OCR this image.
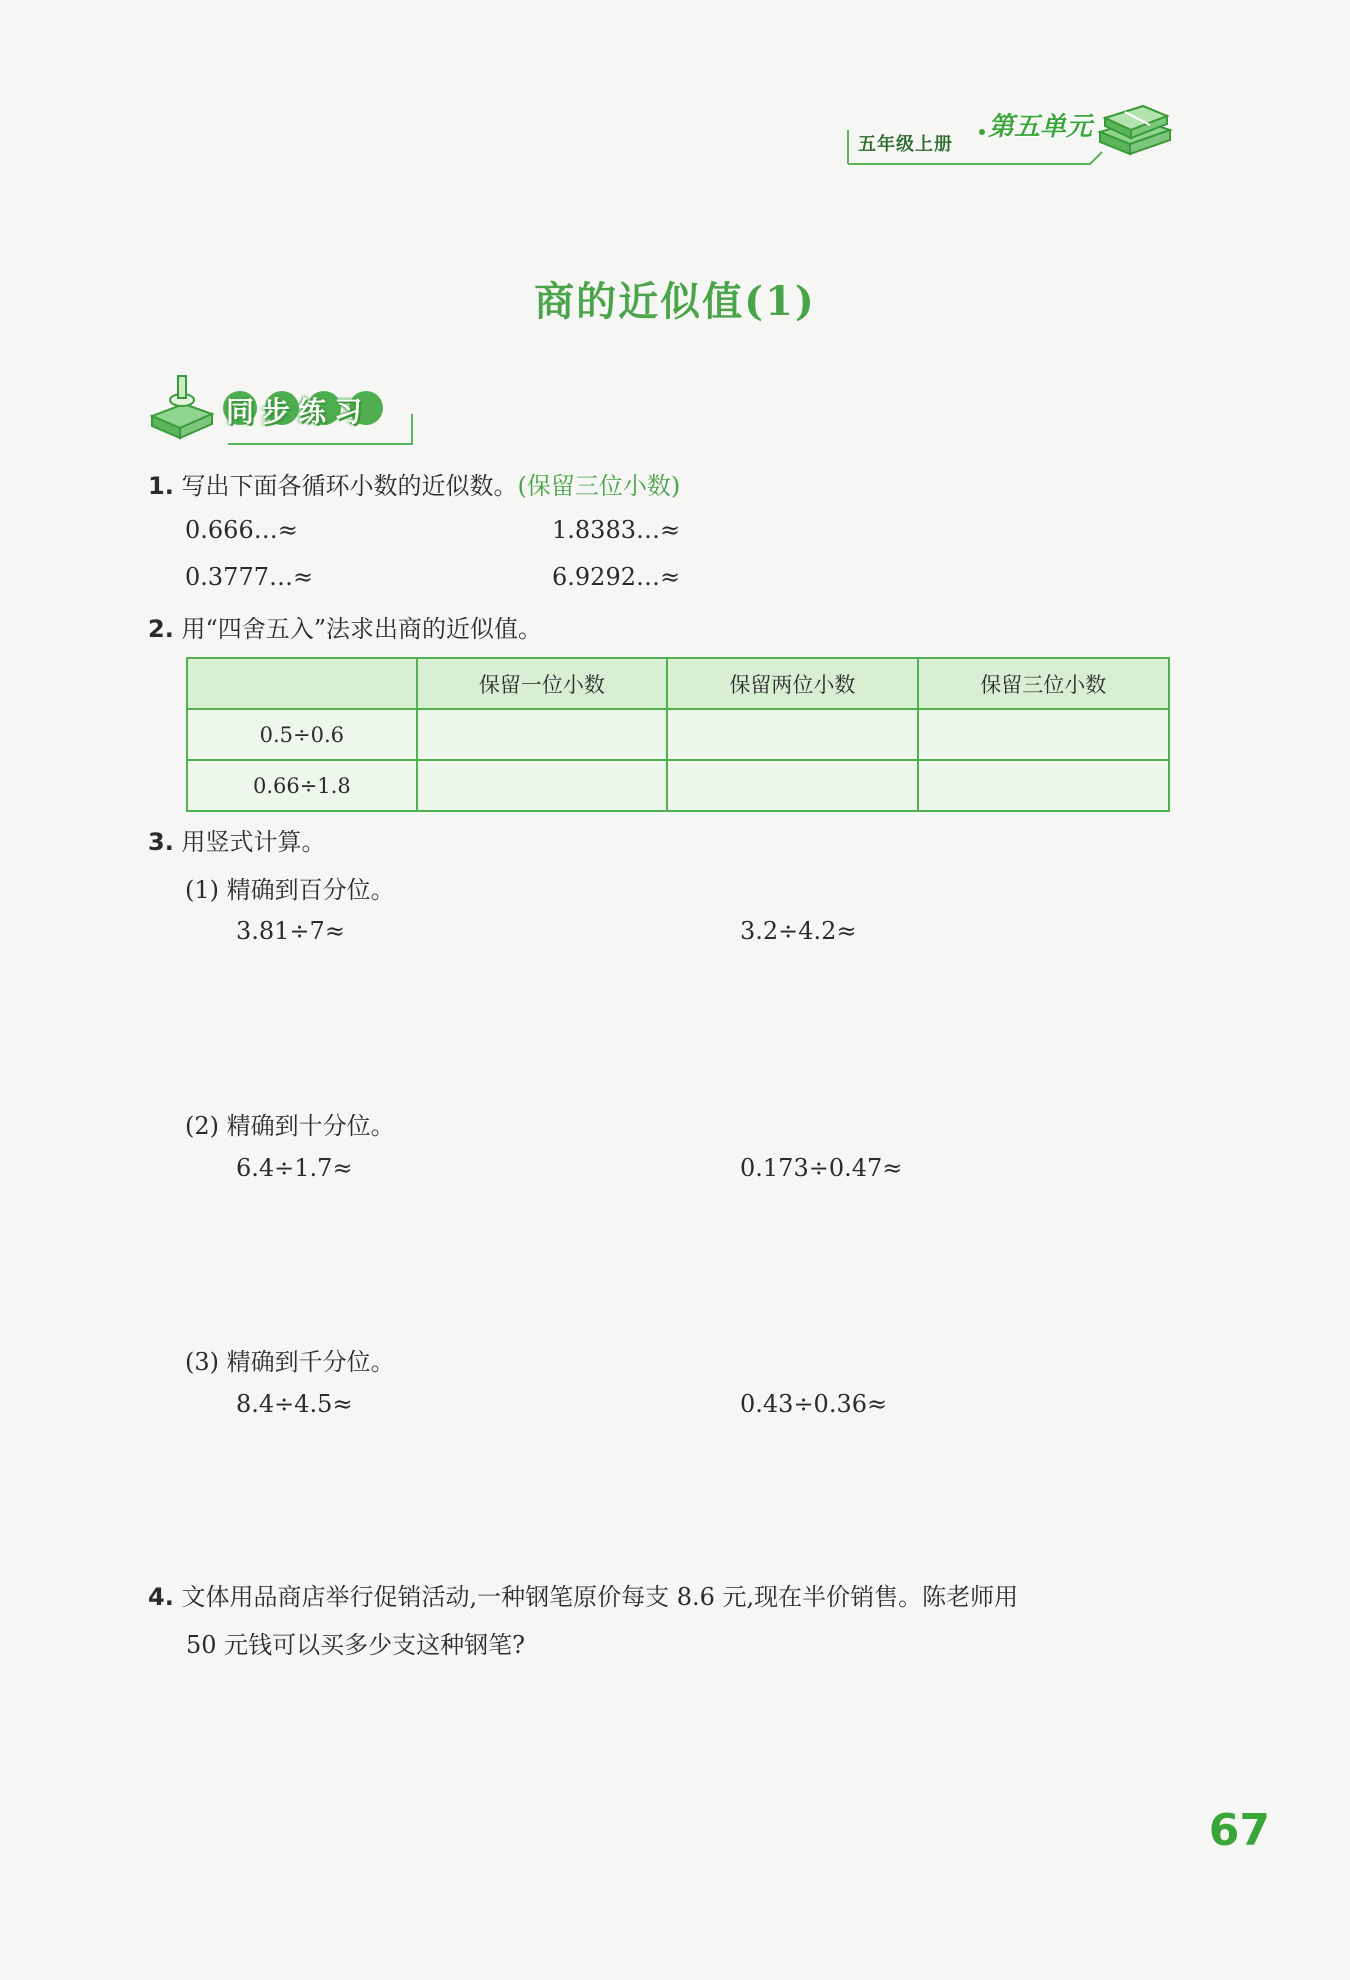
五年级上册
第五单元
商的近似值(1)
同步练习
1. 写出下面各循环小数的近似数。(保留三位小数)
0.666…≈	1.8383…≈
0.3777…≈	6.9292…≈
2. 用“四舍五入”法求出商的近似值。
	保留一位小数	保留两位小数	保留三位小数
0.5÷0.6			
0.66÷1.8			
3. 用竖式计算。
(1) 精确到百分位。
3.81÷7≈	3.2÷4.2≈
(2) 精确到十分位。
6.4÷1.7≈	0.173÷0.47≈
(3) 精确到千分位。
8.4÷4.5≈	0.43÷0.36≈
4. 文体用品商店举行促销活动,一种钢笔原价每支 8.6 元,现在半价销售。陈老师用
50 元钱可以买多少支这种钢笔?
67
